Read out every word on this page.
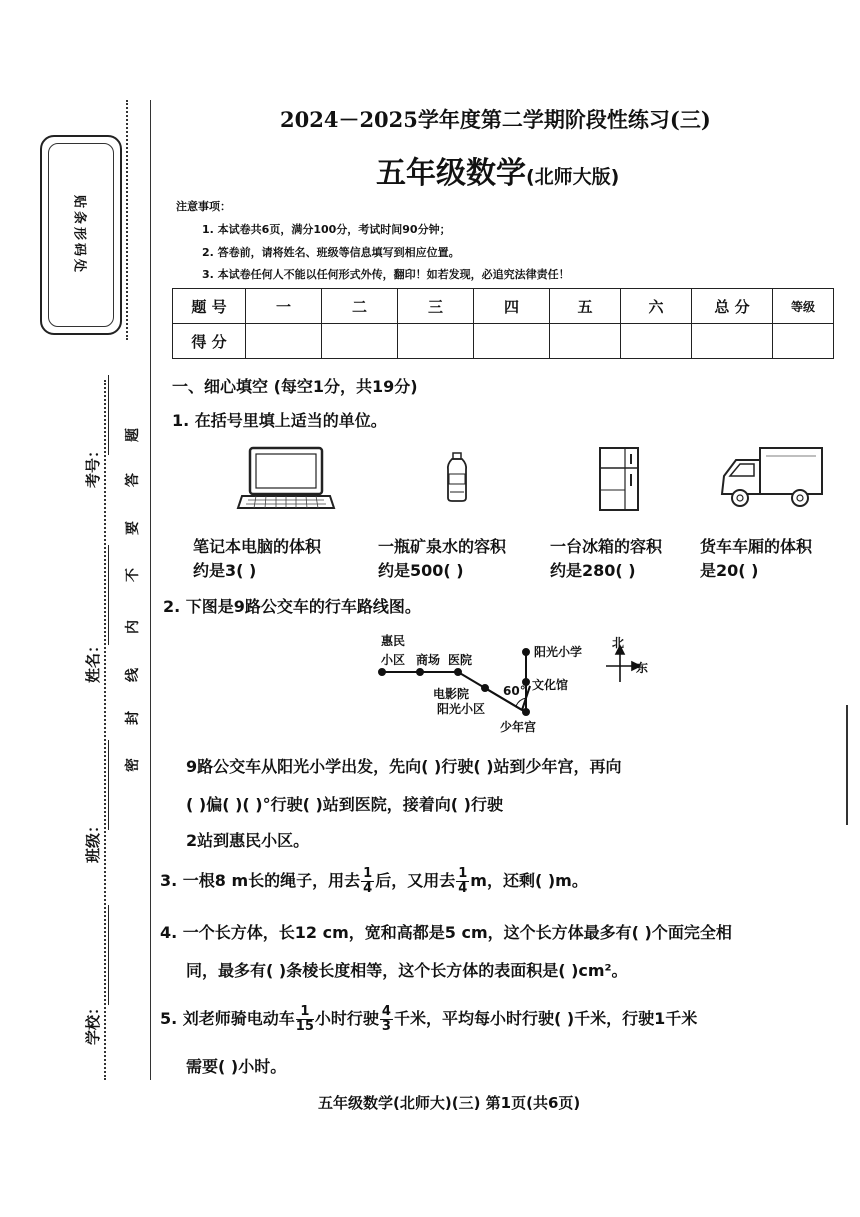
贴条形码处
考号：
姓名：
班级：
学校：
题
答
要
不
内
线
封
密
2024－2025学年度第二学期阶段性练习(三)
五年级数学(北师大版)
注意事项：
1. 本试卷共6页，满分100分，考试时间90分钟；
2. 答卷前，请将姓名、班级等信息填写到相应位置。
3. 本试卷任何人不能以任何形式外传，翻印！如若发现，必追究法律责任！
题 号	一	二	三	四	五	六	总 分	等级
得 分								
一、细心填空 (每空1分，共19分)
1. 在括号里填上适当的单位。
笔记本电脑的体积
约是3( )
一瓶矿泉水的容积
约是500( )
一台冰箱的容积
约是280( )
货车车厢的体积
是20( )
2. 下图是9路公交车的行车路线图。
惠民
小区 商场 医院
阳光小学
北
东
电影院	60° 文化馆
阳光小区
少年宫
9路公交车从阳光小学出发，先向( )行驶( )站到少年宫，再向
( )偏( )( )°行驶( )站到医院，接着向( )行驶
2站到惠民小区。
3. 一根8 m长的绳子，用去 $\frac{1}{4}$ 后，又用去 $\frac{1}{4}$ m，还剩( )m。
4. 一个长方体，长12 cm，宽和高都是5 cm，这个长方体最多有( )个面完全相
同，最多有( )条棱长度相等，这个长方体的表面积是( )cm²。
5. 刘老师骑电动车 $\frac{1}{15}$ 小时行驶 $\frac{4}{3}$ 千米，平均每小时行驶( )千米，行驶1千米
需要( )小时。
五年级数学(北师大)(三) 第1页(共6页)
